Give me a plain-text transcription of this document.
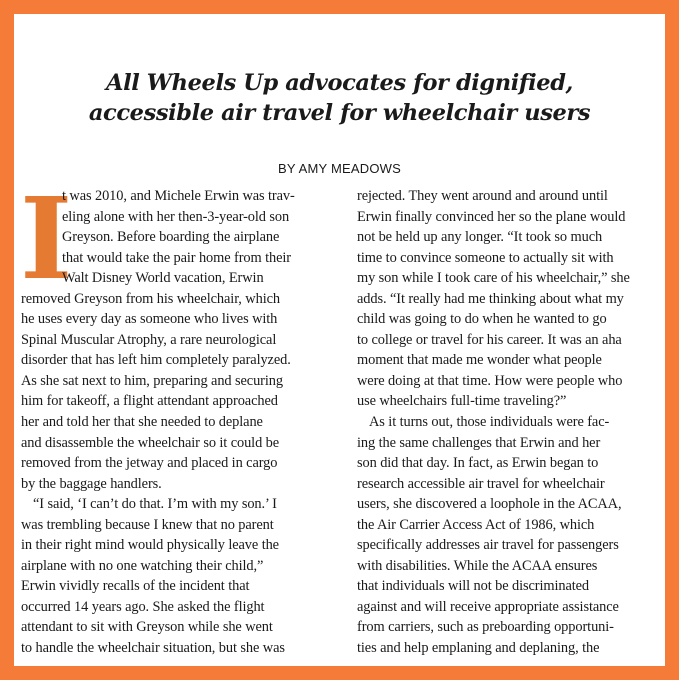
All Wheels Up advocates for dignified,
accessible air travel for wheelchair users
BY AMY MEADOWS
I
t was 2010, and Michele Erwin was trav-
eling alone with her then-3-year-old son
Greyson. Before boarding the airplane
that would take the pair home from their
Walt Disney World vacation, Erwin
removed Greyson from his wheelchair, which
he uses every day as someone who lives with
Spinal Muscular Atrophy, a rare neurological
disorder that has left him completely paralyzed.
As she sat next to him, preparing and securing
him for takeoff, a flight attendant approached
her and told her that she needed to deplane
and disassemble the wheelchair so it could be
removed from the jetway and placed in cargo
by the baggage handlers.
“I said, ‘I can’t do that. I’m with my son.’ I
was trembling because I knew that no parent
in their right mind would physically leave the
airplane with no one watching their child,”
Erwin vividly recalls of the incident that
occurred 14 years ago. She asked the flight
attendant to sit with Greyson while she went
to handle the wheelchair situation, but she was
rejected. They went around and around until
Erwin finally convinced her so the plane would
not be held up any longer. “It took so much
time to convince someone to actually sit with
my son while I took care of his wheelchair,” she
adds. “It really had me thinking about what my
child was going to do when he wanted to go
to college or travel for his career. It was an aha
moment that made me wonder what people
were doing at that time. How were people who
use wheelchairs full-time traveling?”
As it turns out, those individuals were fac-
ing the same challenges that Erwin and her
son did that day. In fact, as Erwin began to
research accessible air travel for wheelchair
users, she discovered a loophole in the ACAA,
the Air Carrier Access Act of 1986, which
specifically addresses air travel for passengers
with disabilities. While the ACAA ensures
that individuals will not be discriminated
against and will receive appropriate assistance
from carriers, such as preboarding opportuni-
ties and help emplaning and deplaning, the
